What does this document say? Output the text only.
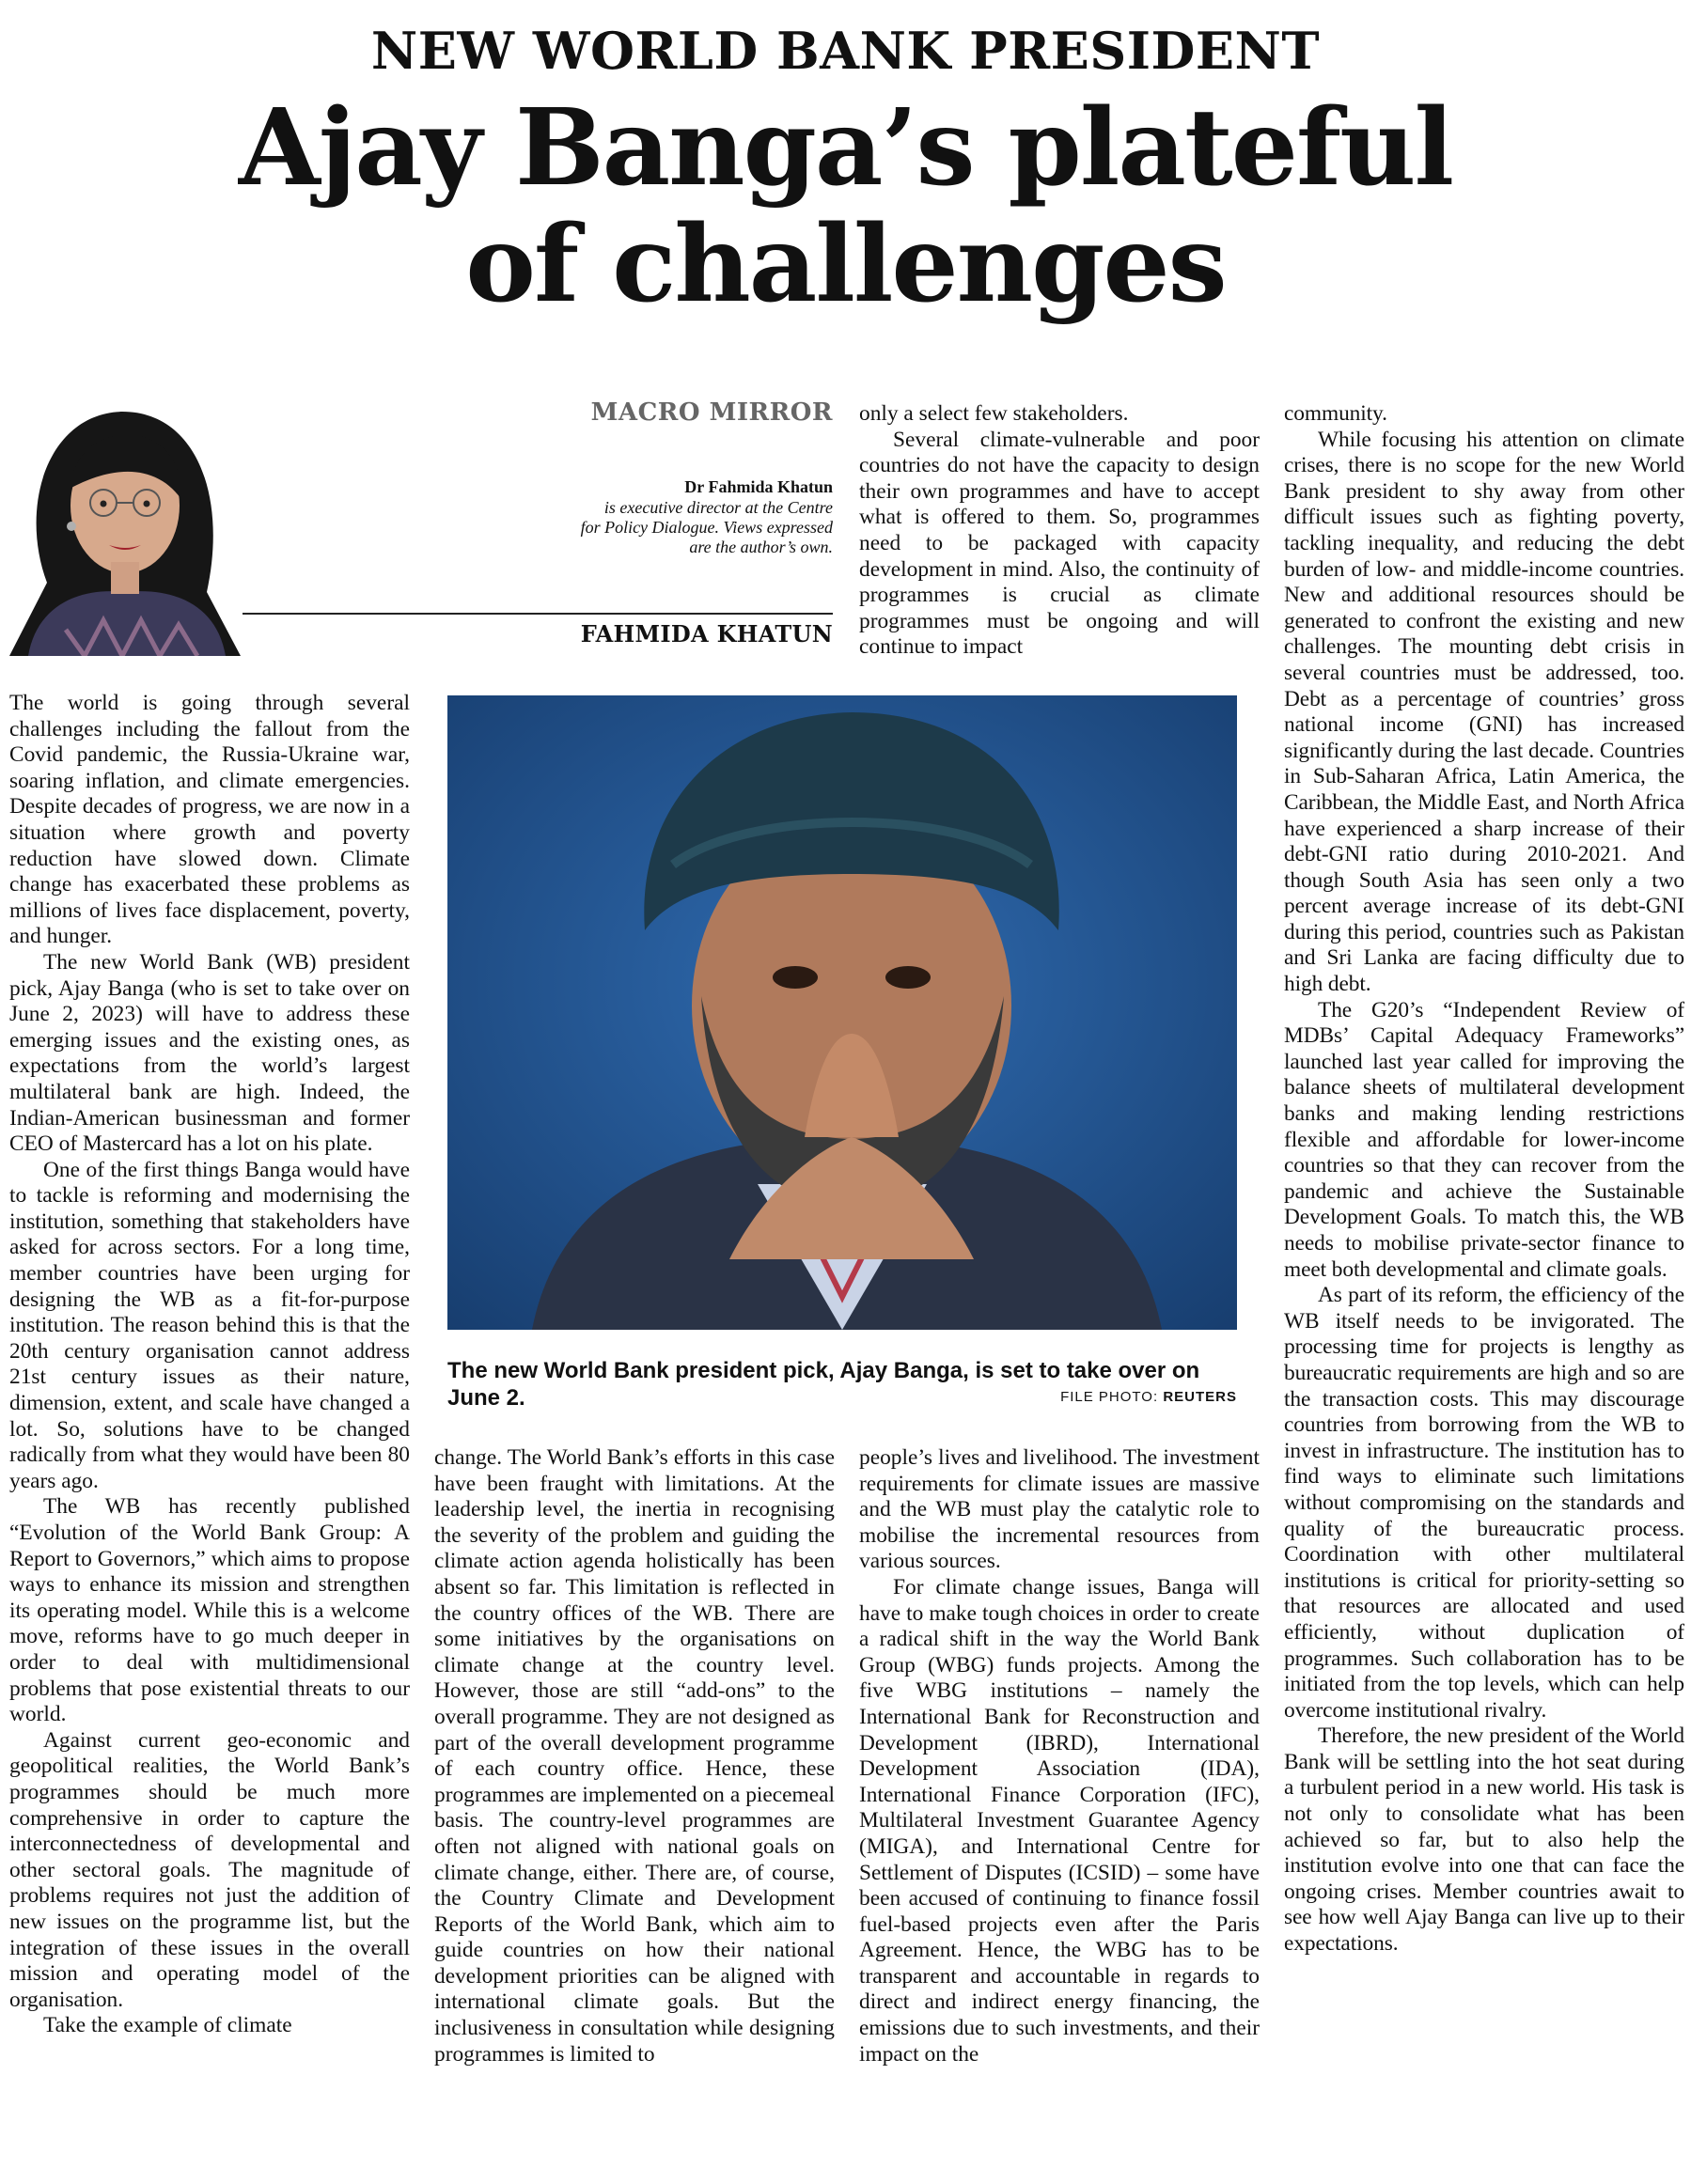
NEW WORLD BANK PRESIDENT
Ajay Banga’s plateful
of challenges
MACRO MIRROR
Dr Fahmida Khatun
is executive director at the Centre
for Policy Dialogue. Views expressed
are the author’s own.
FAHMIDA KHATUN

The world is going through several challenges including the fallout from the Covid pandemic, the Russia-Ukraine war, soaring inflation, and climate emergencies. Despite decades of progress, we are now in a situation where growth and poverty reduction have slowed down. Climate change has exacerbated these problems as millions of lives face displacement, poverty, and hunger.

The new World Bank (WB) president pick, Ajay Banga (who is set to take over on June 2, 2023) will have to address these emerging issues and the existing ones, as expectations from the world’s largest multilateral bank are high. Indeed, the Indian-American businessman and former CEO of Mastercard has a lot on his plate.

One of the first things Banga would have to tackle is reforming and modernising the institution, something that stakeholders have asked for across sectors. For a long time, member countries have been urging for designing the WB as a fit-for-purpose institution. The reason behind this is that the 20th century organisation cannot address 21st century issues as their nature, dimension, extent, and scale have changed a lot. So, solutions have to be changed radically from what they would have been 80 years ago.

The WB has recently published “Evolution of the World Bank Group: A Report to Governors,” which aims to propose ways to enhance its mission and strengthen its operating model. While this is a welcome move, reforms have to go much deeper in order to deal with multidimensional problems that pose existential threats to our world.

Against current geo-economic and geopolitical realities, the World Bank’s programmes should be much more comprehensive in order to capture the interconnectedness of developmental and other sectoral goals. The magnitude of problems requires not just the addition of new issues on the programme list, but the integration of these issues in the overall mission and operating model of the organisation.

Take the example of climate

only a select few stakeholders.

Several climate-vulnerable and poor countries do not have the capacity to design their own programmes and have to accept what is offered to them. So, programmes need to be packaged with capacity development in mind. Also, the continuity of programmes is crucial as climate programmes must be ongoing and will continue to impact

The new World Bank president pick, Ajay Banga, is set to take over on June 2.	FILE PHOTO: REUTERS

change. The World Bank’s efforts in this case have been fraught with limitations. At the leadership level, the inertia in recognising the severity of the problem and guiding the climate action agenda holistically has been absent so far. This limitation is reflected in the country offices of the WB. There are some initiatives by the organisations on climate change at the country level. However, those are still “add-ons” to the overall programme. They are not designed as part of the overall development programme of each country office. Hence, these programmes are implemented on a piecemeal basis. The country-level programmes are often not aligned with national goals on climate change, either. There are, of course, the Country Climate and Development Reports of the World Bank, which aim to guide countries on how their national development priorities can be aligned with international climate goals. But the inclusiveness in consultation while designing programmes is limited to

people’s lives and livelihood. The investment requirements for climate issues are massive and the WB must play the catalytic role to mobilise the incremental resources from various sources.

For climate change issues, Banga will have to make tough choices in order to create a radical shift in the way the World Bank Group (WBG) funds projects. Among the five WBG institutions – namely the International Bank for Reconstruction and Development (IBRD), International Development Association (IDA), International Finance Corporation (IFC), Multilateral Investment Guarantee Agency (MIGA), and International Centre for Settlement of Disputes (ICSID) – some have been accused of continuing to finance fossil fuel-based projects even after the Paris Agreement. Hence, the WBG has to be transparent and accountable in regards to direct and indirect energy financing, the emissions due to such investments, and their impact on the

community.

While focusing his attention on climate crises, there is no scope for the new World Bank president to shy away from other difficult issues such as fighting poverty, tackling inequality, and reducing the debt burden of low- and middle-income countries. New and additional resources should be generated to confront the existing and new challenges. The mounting debt crisis in several countries must be addressed, too. Debt as a percentage of countries’ gross national income (GNI) has increased significantly during the last decade. Countries in Sub-Saharan Africa, Latin America, the Caribbean, the Middle East, and North Africa have experienced a sharp increase of their debt-GNI ratio during 2010-2021. And though South Asia has seen only a two percent average increase of its debt-GNI during this period, countries such as Pakistan and Sri Lanka are facing difficulty due to high debt.

The G20’s “Independent Review of MDBs’ Capital Adequacy Frameworks” launched last year called for improving the balance sheets of multilateral development banks and making lending restrictions flexible and affordable for lower-income countries so that they can recover from the pandemic and achieve the Sustainable Development Goals. To match this, the WB needs to mobilise private-sector finance to meet both developmental and climate goals.

As part of its reform, the efficiency of the WB itself needs to be invigorated. The processing time for projects is lengthy as bureaucratic requirements are high and so are the transaction costs. This may discourage countries from borrowing from the WB to invest in infrastructure. The institution has to find ways to eliminate such limitations without compromising on the standards and quality of the bureaucratic process. Coordination with other multilateral institutions is critical for priority-setting so that resources are allocated and used efficiently, without duplication of programmes. Such collaboration has to be initiated from the top levels, which can help overcome institutional rivalry.

Therefore, the new president of the World Bank will be settling into the hot seat during a turbulent period in a new world. His task is not only to consolidate what has been achieved so far, but to also help the institution evolve into one that can face the ongoing crises. Member countries await to see how well Ajay Banga can live up to their expectations.
